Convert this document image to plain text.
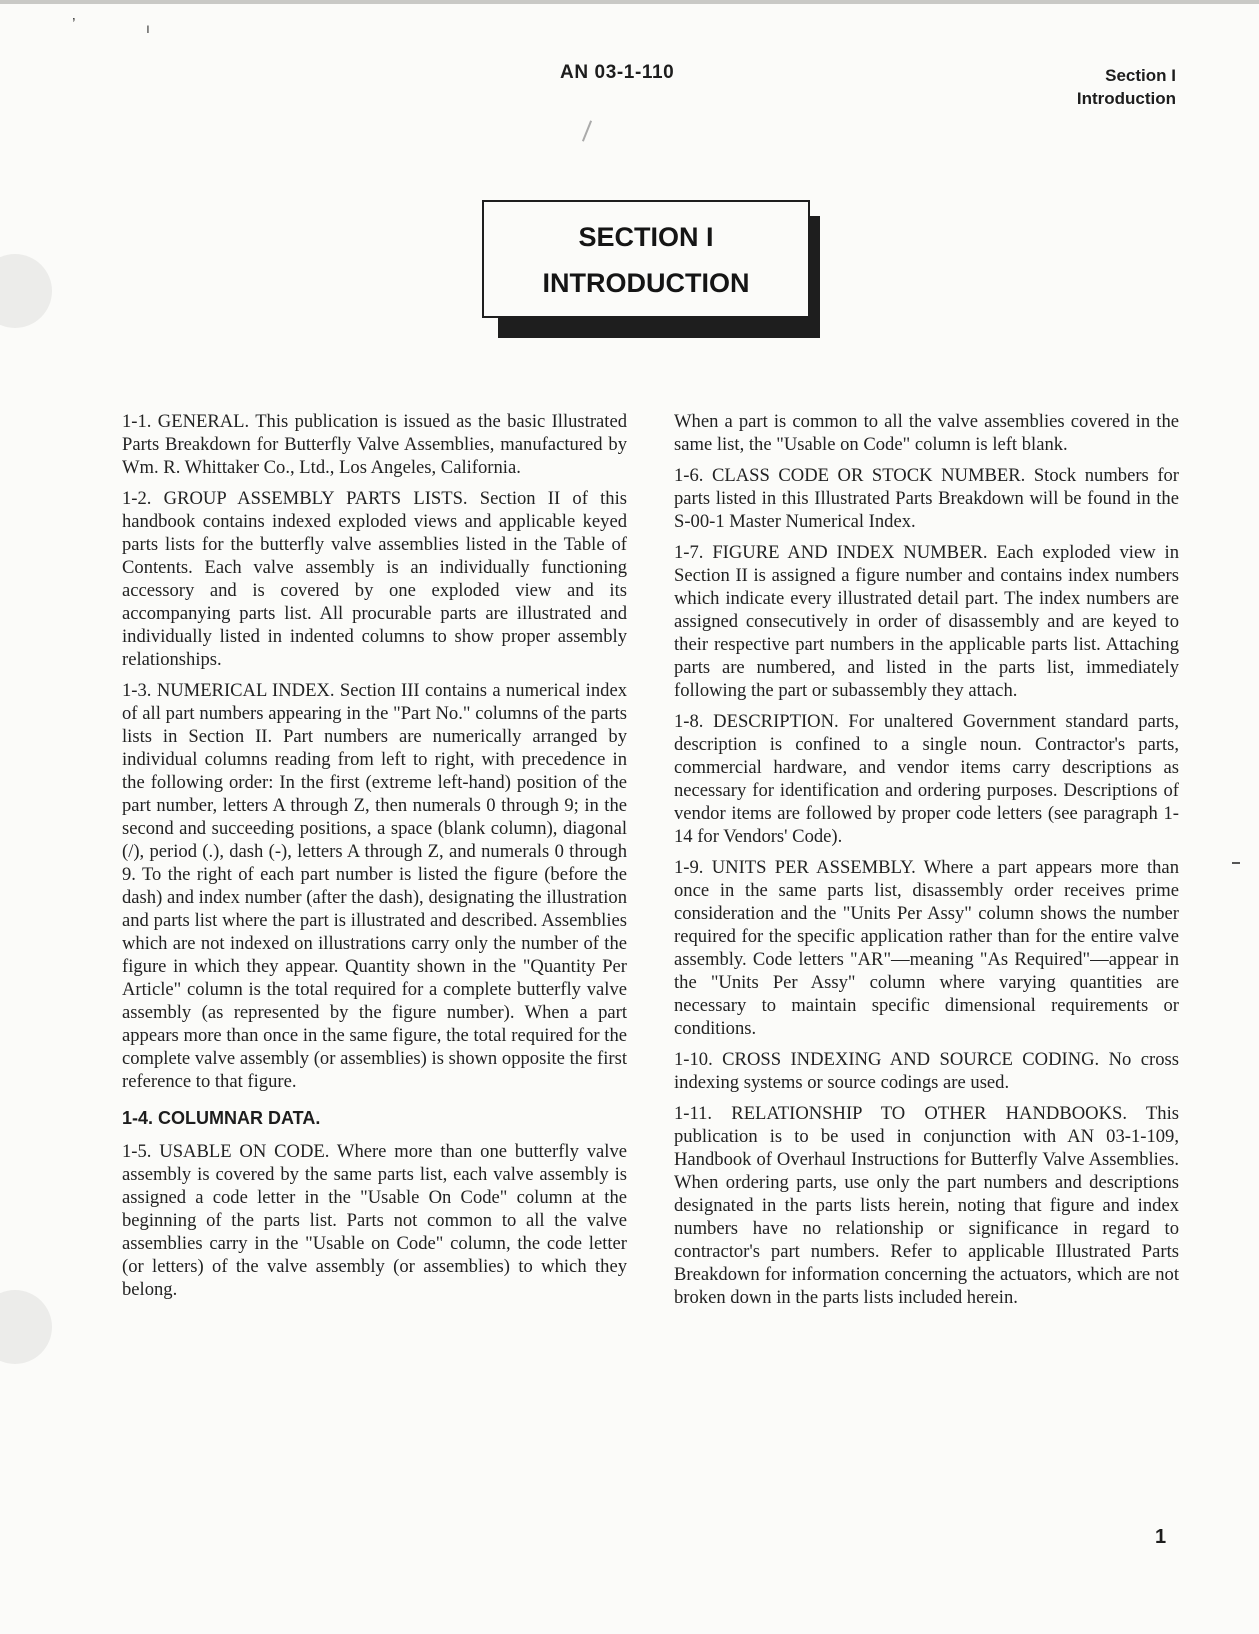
’	ı
AN 03-1-110	Section I
Introduction
SECTION I
INTRODUCTION

1-1. GENERAL. This publication is issued as the basic Illustrated Parts Breakdown for Butterfly Valve Assemblies, manufactured by Wm. R. Whittaker Co., Ltd., Los Angeles, California.

1-2. GROUP ASSEMBLY PARTS LISTS. Section II of this handbook contains indexed exploded views and applicable keyed parts lists for the butterfly valve assemblies listed in the Table of Contents. Each valve assembly is an individually functioning accessory and is covered by one exploded view and its accompanying parts list. All procurable parts are illustrated and individually listed in indented columns to show proper assembly relationships.

1-3. NUMERICAL INDEX. Section III contains a numerical index of all part numbers appearing in the "Part No." columns of the parts lists in Section II. Part numbers are numerically arranged by individual columns reading from left to right, with precedence in the following order: In the first (extreme left-hand) position of the part number, letters A through Z, then numerals 0 through 9; in the second and succeeding positions, a space (blank column), diagonal (/), period (.), dash (-), letters A through Z, and numerals 0 through 9. To the right of each part number is listed the figure (before the dash) and index number (after the dash), designating the illustration and parts list where the part is illustrated and described. Assemblies which are not indexed on illustrations carry only the number of the figure in which they appear. Quantity shown in the "Quantity Per Article" column is the total required for a complete butterfly valve assembly (as represented by the figure number). When a part appears more than once in the same figure, the total required for the complete valve assembly (or assemblies) is shown opposite the first reference to that figure.

1-4. COLUMNAR DATA.

1-5. USABLE ON CODE. Where more than one butterfly valve assembly is covered by the same parts list, each valve assembly is assigned a code letter in the "Usable On Code" column at the beginning of the parts list. Parts not common to all the valve assemblies carry in the "Usable on Code" column, the code letter (or letters) of the valve assembly (or assemblies) to which they belong.

When a part is common to all the valve assemblies covered in the same list, the "Usable on Code" column is left blank.

1-6. CLASS CODE OR STOCK NUMBER. Stock numbers for parts listed in this Illustrated Parts Breakdown will be found in the S-00-1 Master Numerical Index.

1-7. FIGURE AND INDEX NUMBER. Each exploded view in Section II is assigned a figure number and contains index numbers which indicate every illustrated detail part. The index numbers are assigned consecutively in order of disassembly and are keyed to their respective part numbers in the applicable parts list. Attaching parts are numbered, and listed in the parts list, immediately following the part or subassembly they attach.

1-8. DESCRIPTION. For unaltered Government standard parts, description is confined to a single noun. Contractor's parts, commercial hardware, and vendor items carry descriptions as necessary for identification and ordering purposes. Descriptions of vendor items are followed by proper code letters (see paragraph 1-14 for Vendors' Code).

1-9. UNITS PER ASSEMBLY. Where a part appears more than once in the same parts list, disassembly order receives prime consideration and the "Units Per Assy" column shows the number required for the specific application rather than for the entire valve assembly. Code letters "AR"—meaning "As Required"—appear in the "Units Per Assy" column where varying quantities are necessary to maintain specific dimensional requirements or conditions.

1-10. CROSS INDEXING AND SOURCE CODING. No cross indexing systems or source codings are used.

1-11. RELATIONSHIP TO OTHER HANDBOOKS. This publication is to be used in conjunction with AN 03-1-109, Handbook of Overhaul Instructions for Butterfly Valve Assemblies. When ordering parts, use only the part numbers and descriptions designated in the parts lists herein, noting that figure and index numbers have no relationship or significance in regard to contractor's part numbers. Refer to applicable Illustrated Parts Breakdown for information concerning the actuators, which are not broken down in the parts lists included herein.

1
